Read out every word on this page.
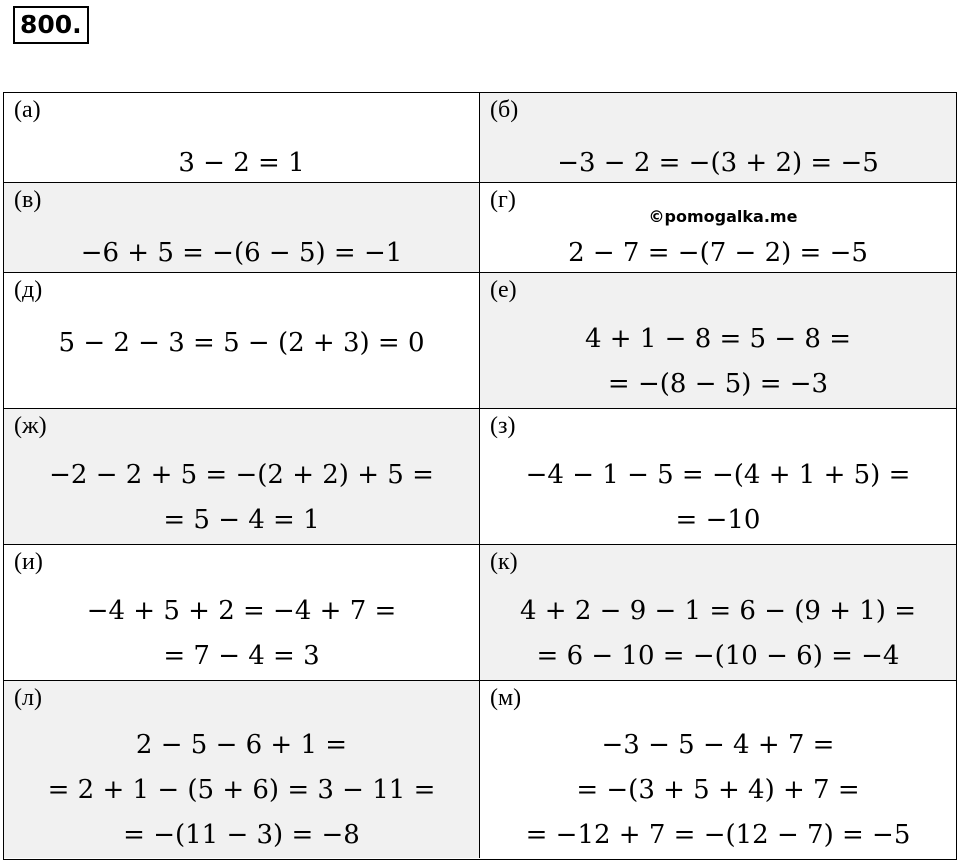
800.
(а)
3 − 2 = 1
(б)
−3 − 2 = −(3 + 2) = −5
(в)
−6 + 5 = −(6 − 5) = −1
(г)
©pomogalka.me
2 − 7 = −(7 − 2) = −5
(д)
5 − 2 − 3 = 5 − (2 + 3) = 0
(е)
4 + 1 − 8 = 5 − 8 =
= −(8 − 5) = −3
(ж)
−2 − 2 + 5 = −(2 + 2) + 5 =
= 5 − 4 = 1
(з)
−4 − 1 − 5 = −(4 + 1 + 5) =
= −10
(и)
−4 + 5 + 2 = −4 + 7 =
= 7 − 4 = 3
(к)
4 + 2 − 9 − 1 = 6 − (9 + 1) =
= 6 − 10 = −(10 − 6) = −4
(л)
2 − 5 − 6 + 1 =
= 2 + 1 − (5 + 6) = 3 − 11 =
= −(11 − 3) = −8
(м)
−3 − 5 − 4 + 7 =
= −(3 + 5 + 4) + 7 =
= −12 + 7 = −(12 − 7) = −5
